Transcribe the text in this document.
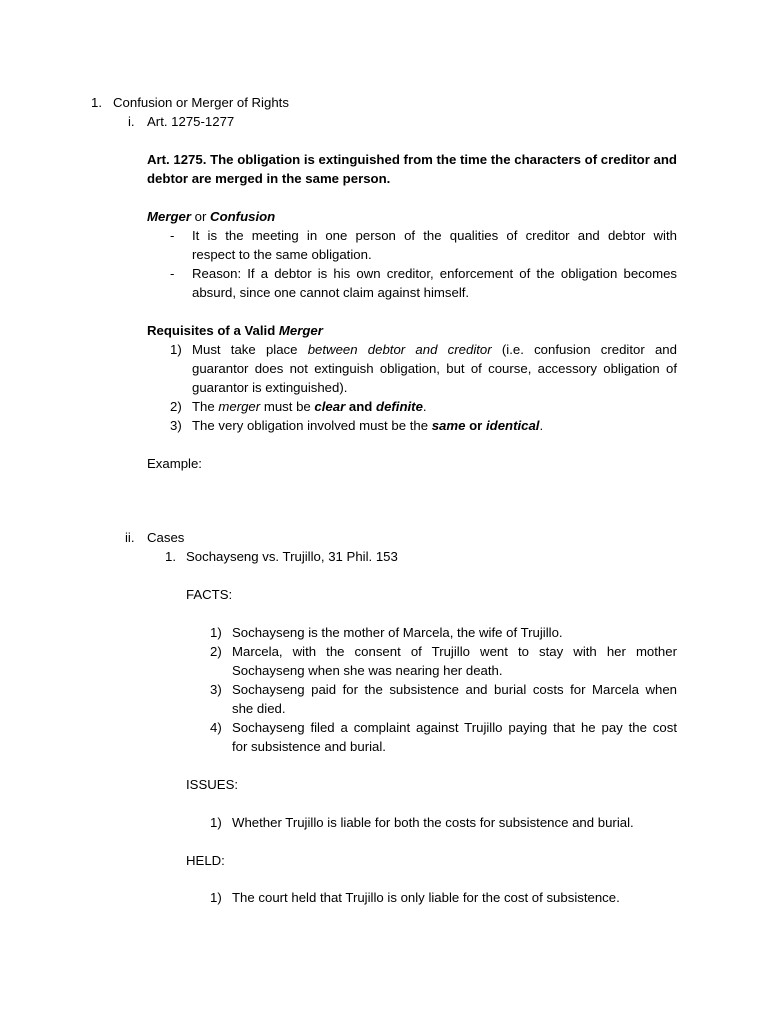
1. Confusion or Merger of Rights
i. Art. 1275-1277
Art. 1275. The obligation is extinguished from the time the characters of creditor and
debtor are merged in the same person.
Merger or Confusion
- It is the meeting in one person of the qualities of creditor and debtor with
respect to the same obligation.
- Reason: If a debtor is his own creditor, enforcement of the obligation becomes
absurd, since one cannot claim against himself.
Requisites of a Valid Merger
1) Must take place between debtor and creditor (i.e. confusion creditor and
guarantor does not extinguish obligation, but of course, accessory obligation of
guarantor is extinguished).
2) The merger must be clear and definite.
3) The very obligation involved must be the same or identical.
Example:
ii. Cases
1. Sochayseng vs. Trujillo, 31 Phil. 153
FACTS:
1) Sochayseng is the mother of Marcela, the wife of Trujillo.
2) Marcela, with the consent of Trujillo went to stay with her mother
Sochayseng when she was nearing her death.
3) Sochayseng paid for the subsistence and burial costs for Marcela when
she died.
4) Sochayseng filed a complaint against Trujillo paying that he pay the cost
for subsistence and burial.
ISSUES:
1) Whether Trujillo is liable for both the costs for subsistence and burial.
HELD:
1) The court held that Trujillo is only liable for the cost of subsistence.
